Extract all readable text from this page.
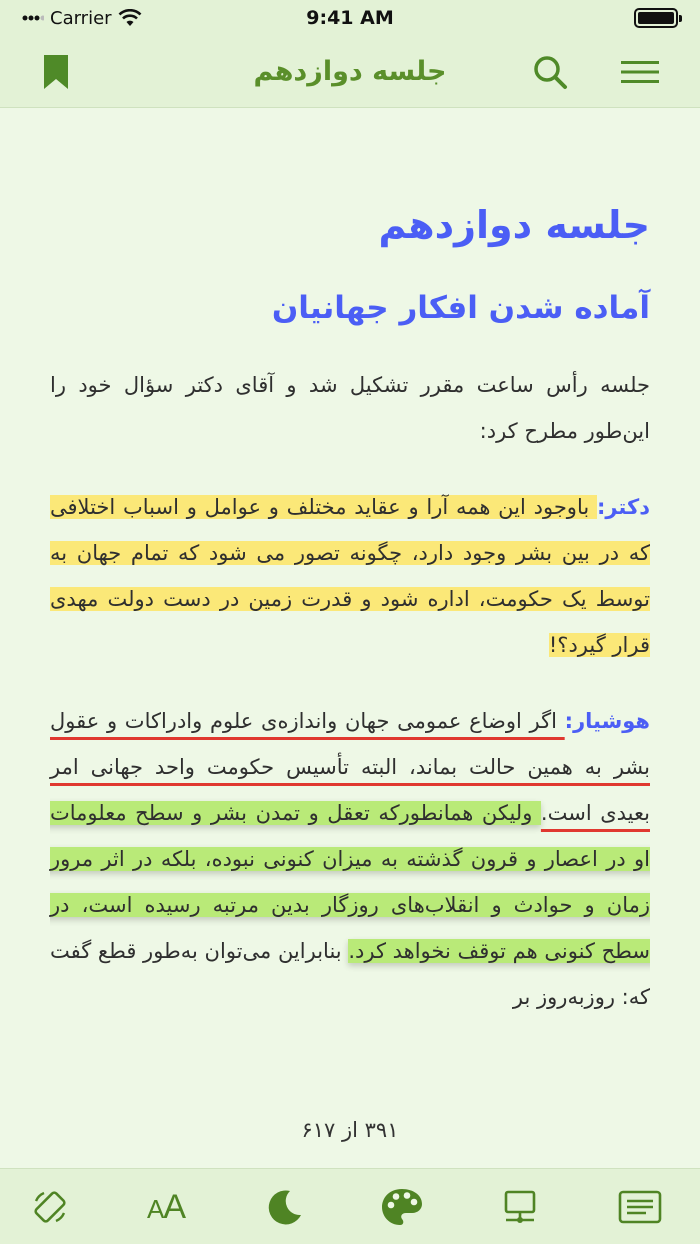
Carrier	9:41 AM
جلسه دوازدهم
جلسه دوازدهم
آماده شدن افکار جهانیان

جلسه رأس ساعت مقرر تشکیل شد و آقای دکتر سؤال خود را این‌طور مطرح کرد:

دکتر: باوجود این همه آرا و عقاید مختلف و عوامل و اسباب اختلافی که در بین بشر وجود دارد، چگونه تصور می شود که تمام جهان به توسط یک حکومت، اداره شود و قدرت زمین در دست دولت مهدی قرار گیرد؟!

هوشیار: اگر اوضاع عمومی جهان واندازه‌ی علوم وادراکات و عقول بشر به همین حالت بماند، البته تأسیس حکومت واحد جهانی امر بعیدی است. ولیکن همانطورکه تعقل و تمدن بشر و سطح معلومات او در اعصار و قرون گذشته به میزان کنونی نبوده، بلکه در اثر مرور زمان و حوادث و انقلاب‌های روزگار بدین مرتبه رسیده است، در سطح کنونی هم توقف نخواهد کرد. بنابراین می‌توان به‌طور قطع گفت که: روزبه‌روز بر

۳۹۱ از ۶۱۷
AA
